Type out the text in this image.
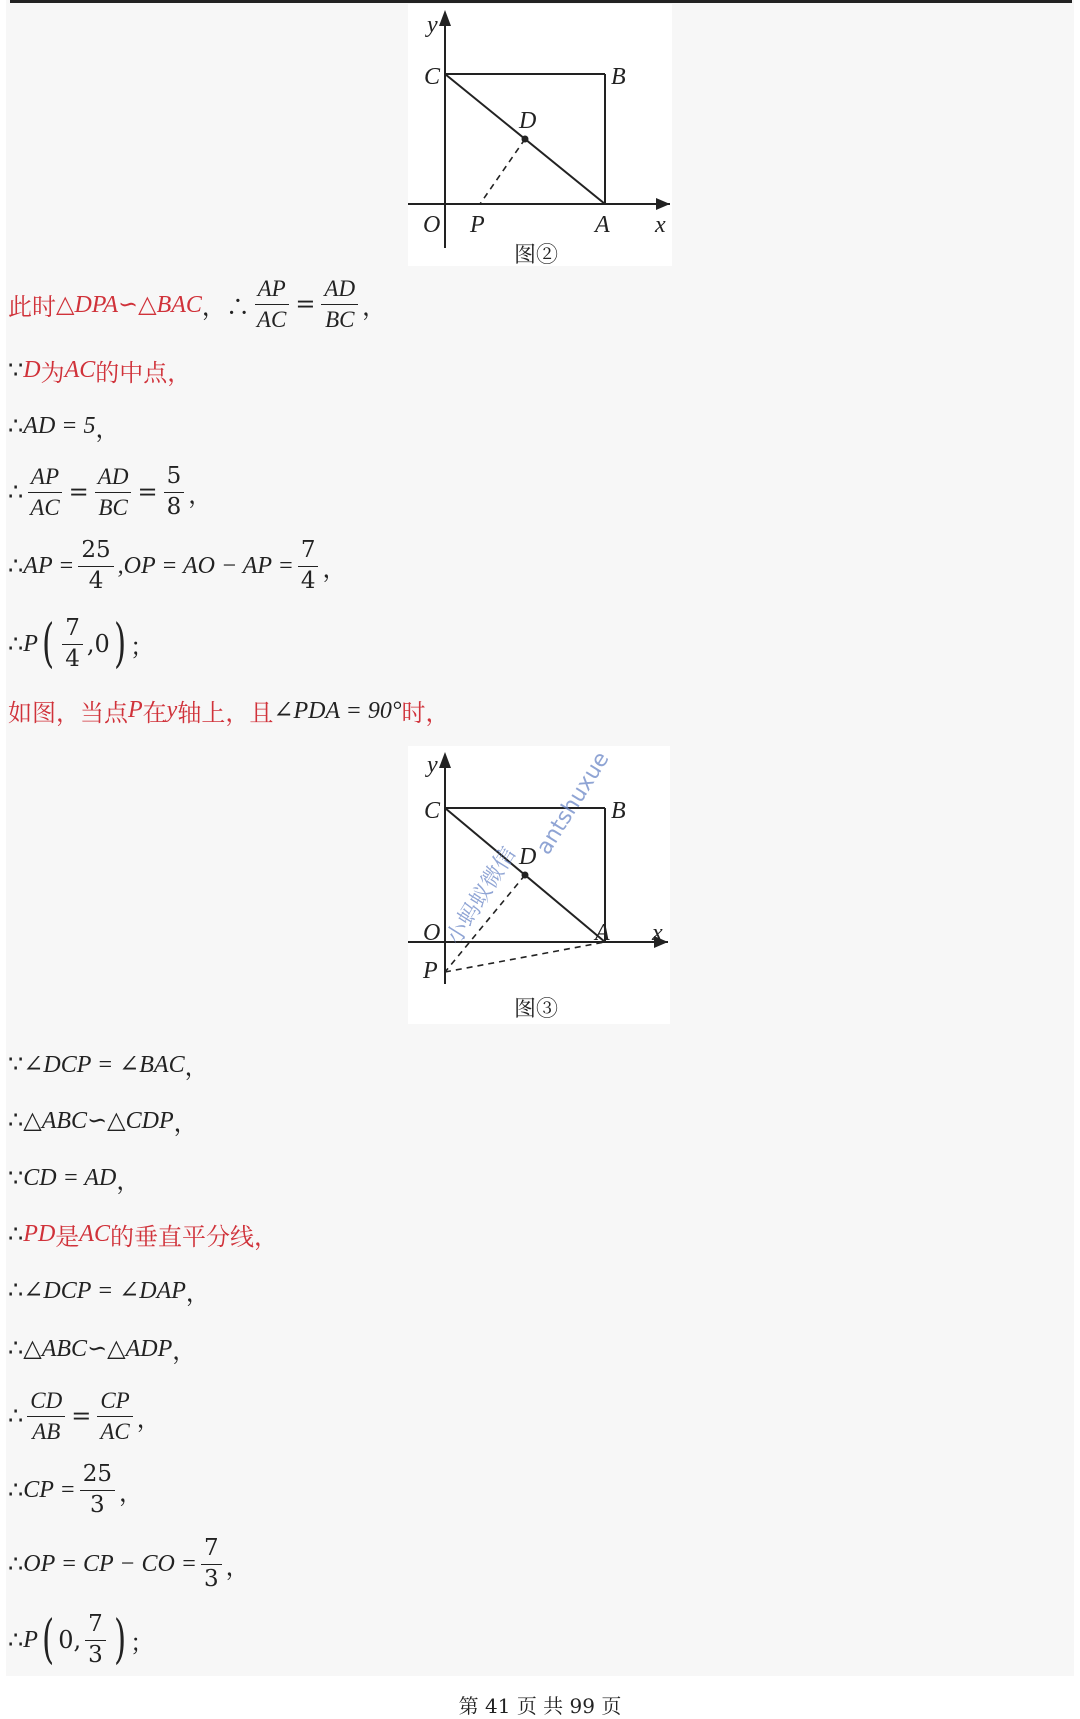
y
C	B
D
O P	A x
图②
此时 △DPA∽△BAC ，∴ $\frac{AP}{AC} = \frac{AD}{BC}$ ，
∵ D 为 AC 的中点，
∴ AD = 5 ，
∴ $\frac{AP}{AC} = \frac{AD}{BC} = \frac{5}{8}$ ，
∴ AP = $\frac{25}{4} ,OP$ = AO − AP = $\frac{7}{4}$ ，
∴ P ( $\frac{7}{4} ,0$ ) ；
如图，当点 P 在 y 轴上，且 ∠PDA = 90° 时，
y
C	B
D
O
P
A x
antshuxue
小蚂蚁微信
图③
∵ ∠DCP = ∠BAC ，
∴ △ABC∽△CDP ，
∵ CD = AD ，
∴ PD 是 AC 的垂直平分线，
∴ ∠DCP = ∠DAP ，
∴ △ABC∽△ADP ，
∴ $\frac{CD}{AB} = \frac{CP}{AC}$ ，
∴ CP = $\frac{25}{3}$ ，
∴ OP = CP − CO = $\frac{7}{3}$ ，
∴ P ( 0, $\frac{7}{3}$ ) ；
第 41 页 共 99 页
